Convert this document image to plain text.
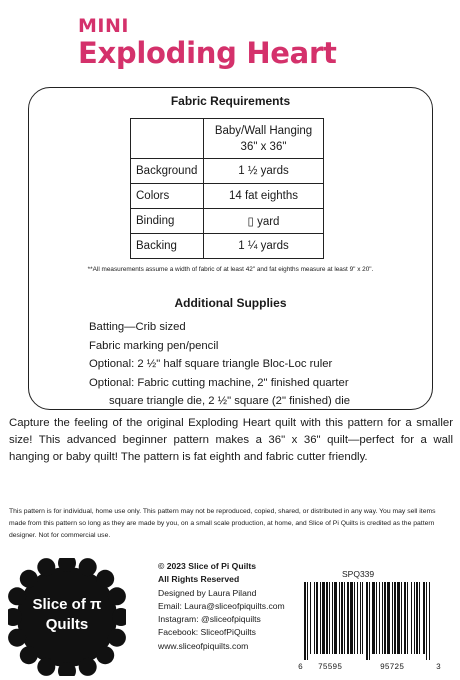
MINI
Exploding Heart
Fabric Requirements

	Baby/Wall Hanging
36" x 36"

Background	1 ½ yards
Colors	14 fat eighths
Binding	▯ yard
Backing	1 ¼ yards
**All measurements assume a width of fabric of at least 42" and fat eighths measure at least 9" x 20".
Additional Supplies
Batting—Crib sized
Fabric marking pen/pencil
Optional: 2 ½" half square triangle Bloc-Loc ruler
Optional: Fabric cutting machine, 2" finished quarter
square triangle die, 2 ½" square (2" finished) die
Capture the feeling of the original Exploding Heart quilt with this pattern for a smaller size! This advanced beginner pattern makes a 36" x 36" quilt—perfect for a wall hanging or baby quilt! The pattern is fat eighth and fabric cutter friendly.
This pattern is for individual, home use only. This pattern may not be reproduced, copied, shared, or distributed in any way. You may sell items made from this pattern so long as they are made by you, on a small scale production, at home, and Slice of Pi Quilts is credited as the pattern designer. Not for commercial use.
Slice of π
Quilts
© 2023 Slice of Pi Quilts
All Rights Reserved
Designed by Laura Piland
Email: Laura@sliceofpiquilts.com
Instagram: @sliceofpiquilts
Facebook: SliceofPiQuilts
www.sliceofpiquilts.com
SPQ339
6 75595	95725	3
